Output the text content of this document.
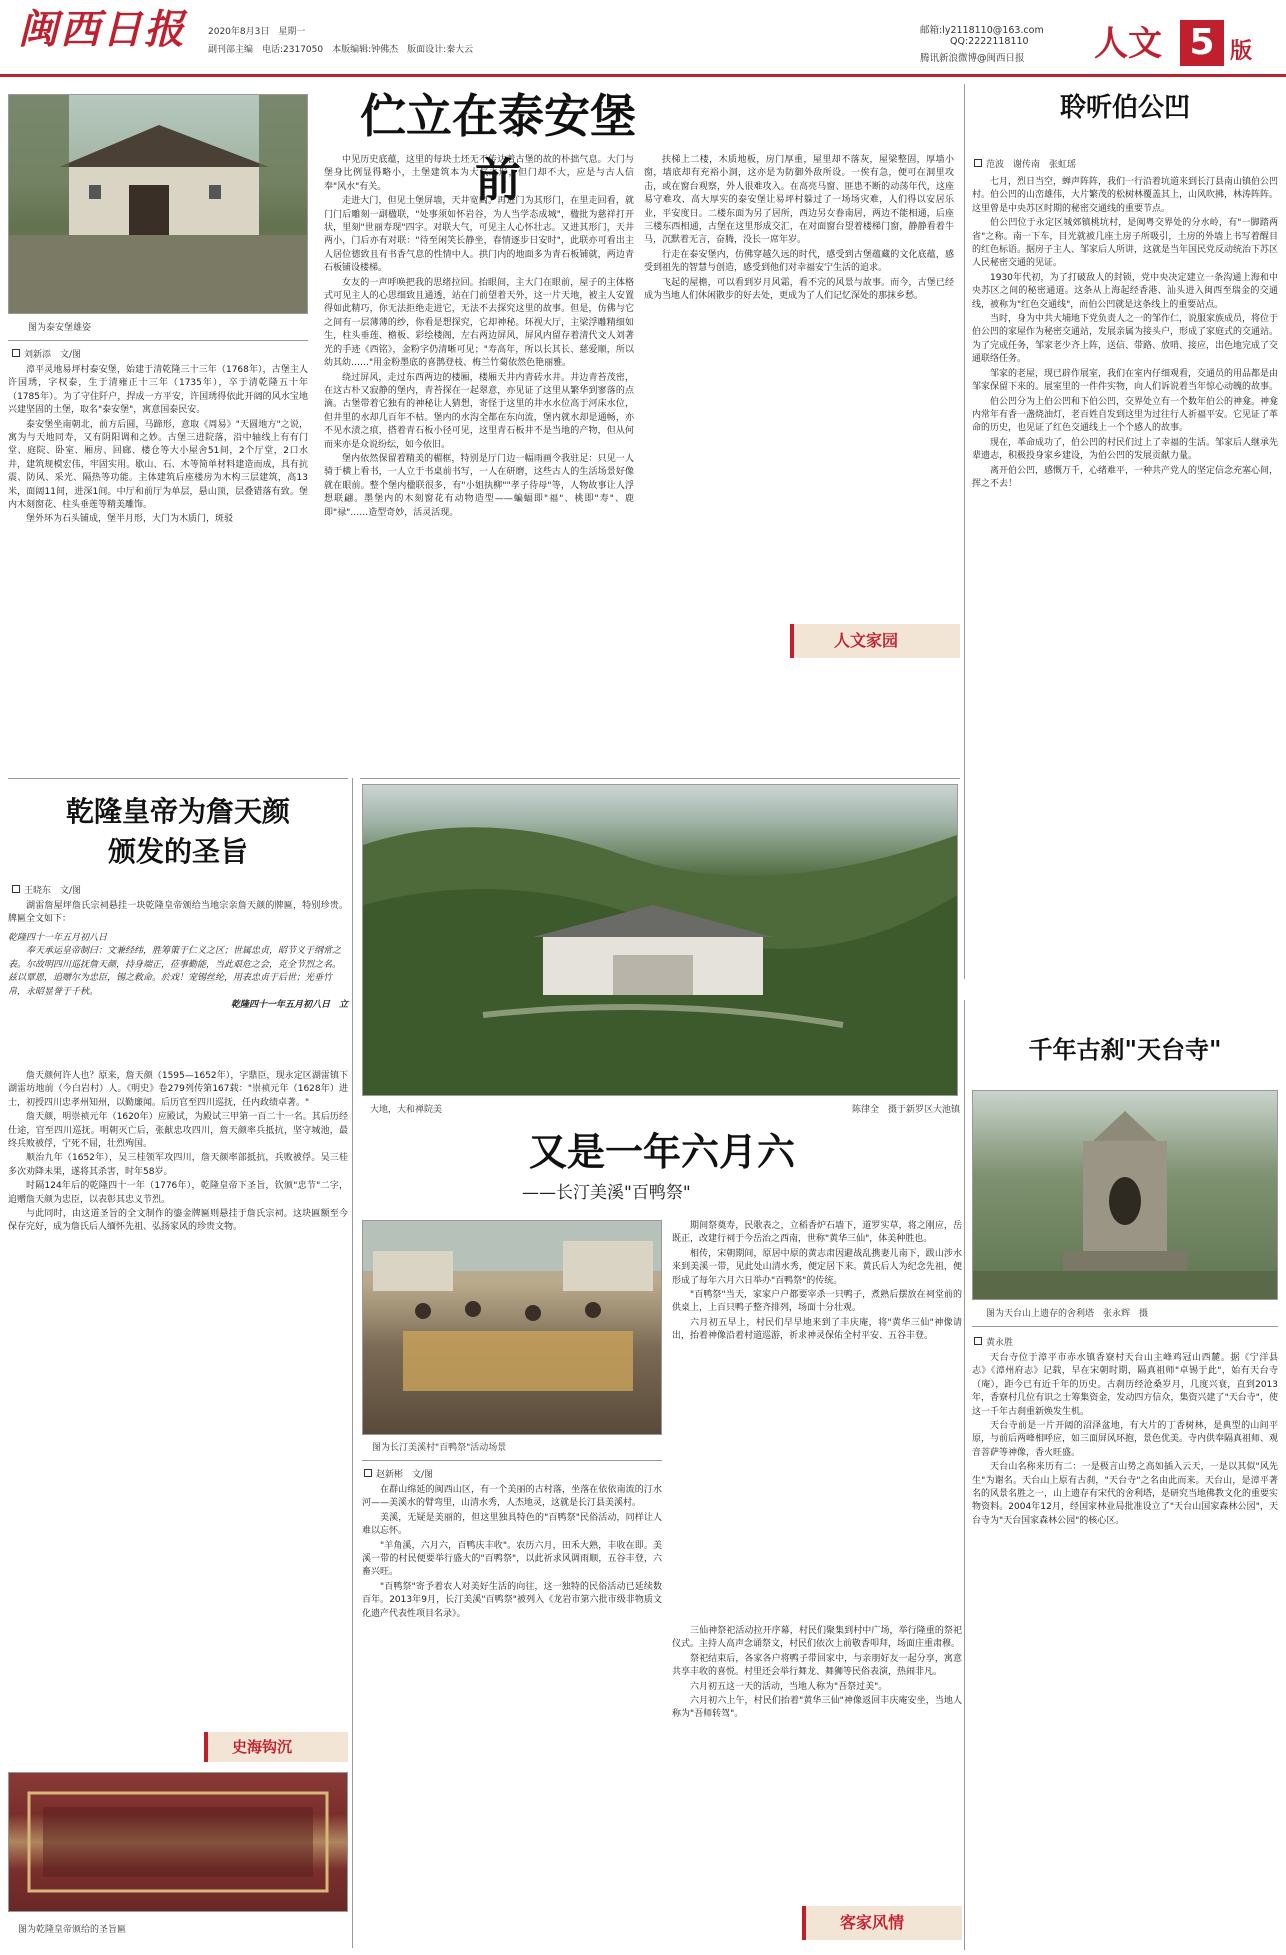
闽西日报	2020年8月3日　星期一
副刊部主编　电话:2317050　本版编辑:钟佛杰　版面设计:秦大云
邮箱:ly2118110@163.com
QQ:2222118110
腾讯新浪微博@闽西日报	人文 5 版
图为泰安堡雄姿
刘新添　文/图

漳平灵地易坪村泰安堡，始建于清乾隆三十三年（1768年），古堡主人许国琇，字权泰，生于清雍正十三年（1735年），卒于清乾隆五十年（1785年）。为了守住阡户，捍成一方平安，许国琇得依此开阔的风水宝地兴建坚固的土堡，取名"泰安堡"，寓意国泰民安。

泰安堡坐南朝北，前方后圆，马蹄形，意取《周易》"天圆地方"之说，寓为与天地同寿，又有阴阳调和之妙。古堡三进院落，沿中轴线上有有门堂、庭院、卧室、厢房、回廊、楼仓等大小屋舍51间，2个厅堂，2口水井，建筑规模宏伟，牢固实用。歇山、石、木等简单材料建造而成，具有抗震、防风、采光、隔热等功能。主体建筑后座楼房为木构三层建筑，高13米，面阔11间，进深1间。中厅和前厅为单层，悬山顶，层叠错落有致。堡内木刻窗花、柱头垂莲等精美雕饰。

堡外环为石头铺成，堡半月形，大门为木质门，斑驳

伫立在泰安堡前

中见历史底蕴，这里的每块土坯无不传达着古堡的故的朴拙气息。大门与堡身比例显得略小，土堡建筑本为大气之形，但门却不大，应是与古人信奉"风水"有关。

走进大门，但见土堡屏墙，天井宽阔。再进门为其形门，在里走回看，就门门后雕刻一副楹联，"处事须如怀岩谷，为人当学态成城"，楹批为慈祥打开状，里刻"世丽寿现"四字。对联大气，可见主人心怀壮志。又进其形门，天井两小，门后亦有对联："待至闲笑长静坐，春情逐步日安时"，此联亦可看出主人居位德致且有书香气息的性情中人。拱门内的地面多为青石板铺就，两边青石板铺设楼梯。

女友的一声呼唤把我的思绪拉回。抬眼间，主大门在眼前，屋子的主体格式可见主人的心思细致且通透，站在门前望着天外，这一片天地，被主人安置得如此精巧，你无法拒绝走进它，无法不去探究这里的故事。但是，仿佛与它之间有一层薄薄的纱，你看是想探究，它却神秘。环视大厅，主梁浮雕精细如生，柱头垂莲、檐板、彩绘楼阁，左右两边屏风，屏风内留存着清代文人刘著光的手迹《西铭》，金粉字仍清晰可见；"寿高年，所以长其长、慈爱顺，所以幼其幼……"用金粉墨底的喜鹊登枝、梅兰竹菊依然色艳丽雅。

绕过屏风，走过东西两边的楼厢，楼厢天井内青砖水井。井边青苔茂密，在这古朴又寂静的堡内，青苔探在一起翠意，亦见证了这里从繁华到寥落的点滴。古堡带着它独有的神秘让人猜想，寄怪于这里的井水水位高于河床水位，但井里的水却几百年不枯。堡内的水沟全都在东向流，堡内就水却是通畅，亦不见水渍之痕，搭着青石板小径可见，这里青石板井不是当地的产物，但从何而来亦是众说纷纭，如今依旧。

堡内依然保留着精美的楣框，特别是厅门边一幅雨画令我驻足：只见一人骑于横上看书，一人立于书桌前书写，一人在研磨，这些古人的生活场景好像就在眼前。整个堡内楹联很多，有"小姐执柳""孝子待母"等，人物故事让人浮想联翩。墨堡内的木刻窗花有动物造型——蝙蝠即"福"、桃即"寿"、鹿即"禄"……造型奇妙，活灵活现。

扶梯上二楼，木质地板，房门厚重，屋里却不落灰，屋梁整固，厚墙小窗，墙底却有充裕小洞，这亦是为防御外敌所设。一俟有急，便可在洞里攻击，或在窗台观察，外人很难攻入。在高亮马窗、匪患不断的动荡年代，这座易守难攻、高大厚实的泰安堡让易坪村躲过了一场场灾难，人们得以安居乐业，平安度日。二楼东面为另了居所，西边另女眷南居，两边不能相通，后座三楼东西相通，古堡在这里形成交汇，在对面窗台望着楼梯门窗，静静看着牛马，沉默着无言，奋腾，没长一席年岁。

行走在泰安堡内，仿佛穿越久远的时代，感受到古堡蕴藏的文化底蕴，感受到祖先的智慧与创造，感受到他们对幸福安宁生活的追求。

飞起的屋檐，可以看到岁月风霜，看不完的风景与故事。而今，古堡已经成为当地人们休闲散步的好去处，更成为了人们记忆深处的那抹乡愁。

人文家园
聆听伯公凹
范波　谢传南　张虹瑶

七月，烈日当空，蝉声阵阵，我们一行沿着坑道来到长汀县南山镇伯公凹村。伯公凹的山峦雄伟，大片繁茂的松树林覆盖其上，山风吹拂，林涛阵阵。这里曾是中央苏区时期的秘密交通线的重要节点。

伯公凹位于永定区城郊镇桃坑村，是闽粤交界处的分水岭，有"一脚踏两省"之称。南一下车，目光就被几座土房子所吸引，土房的外墙上书写着醒目的红色标语。据房子主人、邹家后人所讲，这就是当年国民党反动统治下苏区人民秘密交通的见证。

1930年代初，为了打破敌人的封锁，党中央决定建立一条沟通上海和中央苏区之间的秘密通道。这条从上海起经香港、汕头进入闽西至瑞金的交通线，被称为"红色交通线"，而伯公凹就是这条线上的重要站点。

当时，身为中共大埔地下党负责人之一的邹作仁，说服家族成员，将位于伯公凹的家屋作为秘密交通站，发展亲属为接头户，形成了家庭式的交通站。为了完成任务，邹家老少齐上阵，送信、带路、放哨、接应，出色地完成了交通联络任务。

邹家的老屋，现已辟作展室，我们在室内仔细观看，交通员的用品都是由邹家保留下来的。展室里的一件件实物，向人们诉说着当年惊心动魄的故事。

伯公凹分为上伯公凹和下伯公凹，交界处立有一个数年伯公的神龛。神龛内常年有香一盏烧油灯，老百姓自发到这里为过往行人祈福平安。它见证了革命的历史，也见证了红色交通线上一个个感人的故事。

现在，革命成功了，伯公凹的村民们过上了幸福的生活。邹家后人继承先辈遗志，积极投身家乡建设，为伯公凹的发展贡献力量。

离开伯公凹，感慨万千，心绪难平，一种共产党人的坚定信念充塞心间，挥之不去！

乾隆皇帝为詹天颜
颁发的圣旨
王晓东　文/图

湖雷詹屋坪詹氏宗祠悬挂一块乾隆皇帝颁给当地宗亲詹天颜的牌匾，特别珍贵。牌匾全文如下：

乾隆四十一年五月初八日
奉天承运皇帝制曰：文兼经纬，胜筹策于仁义之区；世属忠贞，昭节义于纲常之表。尔故明四川巡抚詹天颜，持身端正，莅事勤能，当此艰危之会，克全节烈之名。兹以覃恩，追赠尔为忠臣，锡之敕命。於戏！宠锡丝纶，用表忠贞于后世；光垂竹帛，永昭显誉于千秋。
乾隆四十一年五月初八日　立

詹天颜何许人也？原来，詹天颜（1595—1652年），字鼎臣，现永定区湖雷镇下湖雷坊地前（今白岩村）人。《明史》卷279列传第167载："崇祯元年（1628年）进士，初授四川忠孝州知州，以勤廉闻。后历官至四川巡抚，任内政绩卓著。"

詹天颜，明崇祯元年（1620年）应殿试，为殿试三甲第一百二十一名。其后历经仕途，官至四川巡抚。明朝灭亡后，张献忠攻四川，詹天颜率兵抵抗，坚守城池，最终兵败被俘，宁死不屈，壮烈殉国。

顺治九年（1652年），吴三桂领军攻四川，詹天颜率部抵抗，兵败被俘。吴三桂多次劝降未果，遂将其杀害，时年58岁。

时隔124年后的乾隆四十一年（1776年），乾隆皇帝下圣旨，钦颁"忠节"二字，追赠詹天颜为忠臣，以表彰其忠义节烈。

与此同时，由这道圣旨的全文制作的鎏金牌匾则悬挂于詹氏宗祠。这块匾额至今保存完好，成为詹氏后人缅怀先祖、弘扬家风的珍贵文物。

史海钩沉
图为乾隆皇帝颁给的圣旨匾
大地，大和禅院美	陈律全　摄于新罗区大池镇
又是一年六月六
——长汀美溪"百鸭祭"
图为长汀美溪村"百鸭祭"活动场景
赵新彬　文/图

在群山绵延的闽西山区，有一个美丽的古村落，坐落在依依南流的汀水河——美溪水的臂弯里，山清水秀，人杰地灵，这就是长汀县美溪村。

美溪，无疑是美丽的，但这里独具特色的"百鸭祭"民俗活动，同样让人难以忘怀。

"羊角溪，六月六，百鸭庆丰收"。农历六月，田禾大熟，丰收在即。美溪一带的村民便要举行盛大的"百鸭祭"，以此祈求风调雨顺，五谷丰登，六畜兴旺。

"百鸭祭"寄予着农人对美好生活的向往，这一独特的民俗活动已延续数百年。2013年9月，长汀美溪"百鸭祭"被列入《龙岩市第六批市级非物质文化遗产代表性项目名录》。

期间祭奠寿，民歌表之，立稻香炉石墙下，道罗实草，将之刚应，岳既正，改建行祠于今岳治之西南，世称"黄华三仙"，体美种胜也。

相传，宋朝期间，原居中原的黄志肃因避战乱携妻儿南下，跋山涉水来到美溪一带，见此处山清水秀，便定居下来。黄氏后人为纪念先祖，便形成了每年六月六日举办"百鸭祭"的传统。

"百鸭祭"当天，家家户户都要宰杀一只鸭子，煮熟后摆放在祠堂前的供桌上，上百只鸭子整齐排列，场面十分壮观。

六月初五早上，村民们早早地来到了丰庆庵，将"黄华三仙"神像请出，抬着神像沿着村道巡游，祈求神灵保佑全村平安、五谷丰登。

三仙神祭祀活动拉开序幕，村民们聚集到村中广场，举行隆重的祭祀仪式。主持人高声念诵祭文，村民们依次上前敬香叩拜，场面庄重肃穆。

祭祀结束后，各家各户将鸭子带回家中，与亲朋好友一起分享，寓意共享丰收的喜悦。村里还会举行舞龙、舞狮等民俗表演，热闹非凡。

六月初五这一天的活动，当地人称为"吾祭过美"。

六月初六上午，村民们抬着"黄华三仙"神像返回丰庆庵安坐，当地人称为"吾师转驾"。

客家风情
千年古刹"天台寺"
图为天台山上遗存的舍利塔　张永辉　摄
黄永胜

天台寺位于漳平市赤水镇香寮村天台山主峰鸡冠山西麓。据《宁洋县志》《漳州府志》记载，早在宋朝时期，隔真祖师"卓锡于此"，始有天台寺（庵），距今已有近千年的历史。古刹历经沧桑岁月，几度兴衰，直到2013年，香寮村几位有识之士筹集资金，发动四方信众，集资兴建了"天台寺"，使这一千年古刹重新焕发生机。

天台寺前是一片开阔的沼泽盆地，有大片的丁香树林，是典型的山间平原，与前后两峰相呼应，如三面屏风环抱，景色优美。寺内供奉隔真祖师、观音菩萨等神像，香火旺盛。

天台山名称来历有二：一是极言山势之高如插入云天，一是以其似"风先生"为谢名。天台山上原有古刹，"天台寺"之名由此而来。天台山，是漳平著名的风景名胜之一，山上遗存有宋代的舍利塔，是研究当地佛教文化的重要实物资料。2004年12月，经国家林业局批准设立了"天台山国家森林公园"，天台寺为"天台国家森林公园"的核心区。
